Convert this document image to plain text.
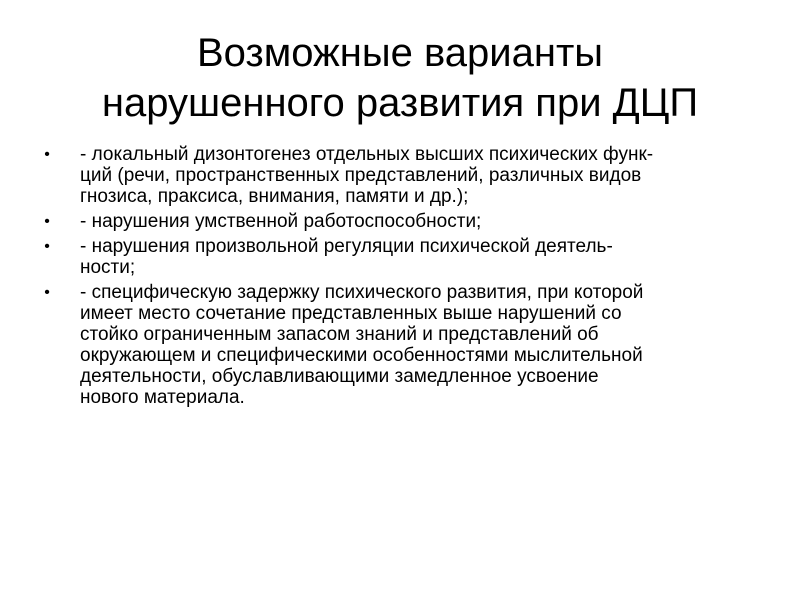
Возможные варианты
нарушенного развития при ДЦП
• - локальный дизонтогенез отдельных высших психических функ-
ций (речи, пространственных представлений, различных видов
гнозиса, праксиса, внимания, памяти и др.);
• - нарушения умственной работоспособности;
• - нарушения произвольной регуляции психической деятель-
ности;
• - специфическую задержку психического развития, при которой
имеет место сочетание представленных выше нарушений со
стойко ограниченным запасом знаний и представлений об
окружающем и специфическими особенностями мыслительной
деятельности, обуславливающими замедленное усвоение
нового материала.
